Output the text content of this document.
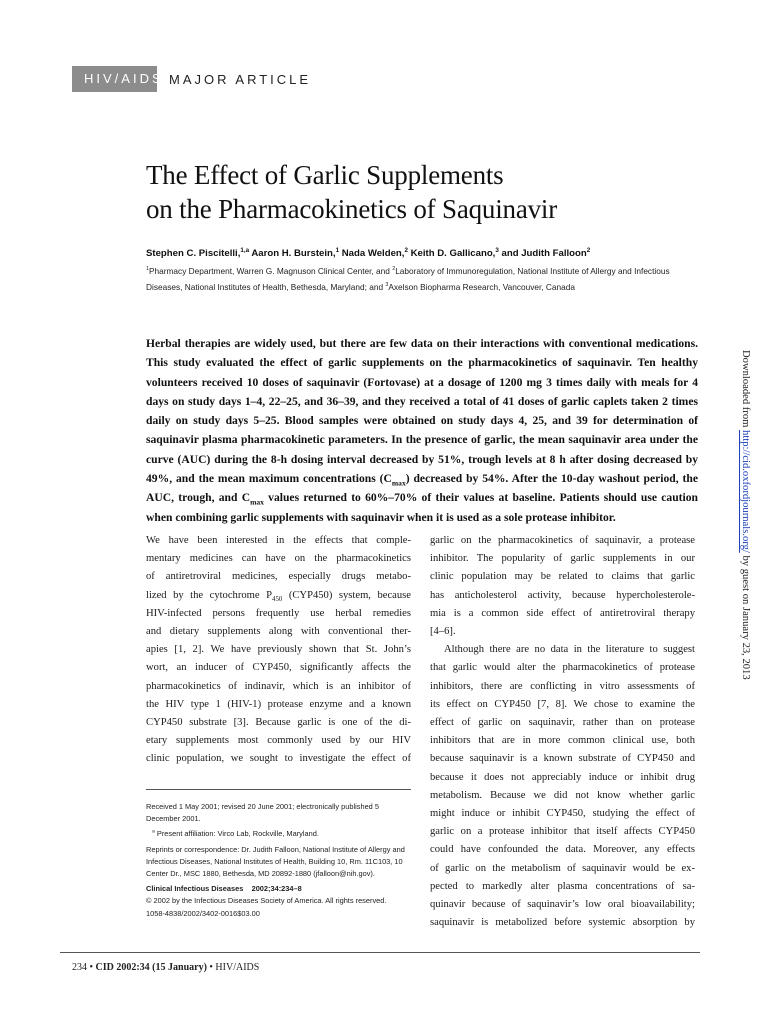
HIV/AIDS MAJOR ARTICLE
The Effect of Garlic Supplements
on the Pharmacokinetics of Saquinavir
Stephen C. Piscitelli,$^{1,a}$ Aaron H. Burstein,$^1$ Nada Welden,$^2$ Keith D. Gallicano,$^3$ and Judith Falloon$^2$
$^1$Pharmacy Department, Warren G. Magnuson Clinical Center, and $^2$Laboratory of Immunoregulation, National Institute of Allergy and Infectious
Diseases, National Institutes of Health, Bethesda, Maryland; and $^3$Axelson Biopharma Research, Vancouver, Canada
Herbal therapies are widely used, but there are few data on their interactions with conventional medications.
This study evaluated the effect of garlic supplements on the pharmacokinetics of saquinavir. Ten healthy
volunteers received 10 doses of saquinavir (Fortovase) at a dosage of 1200 mg 3 times daily with meals for 4
days on study days 1–4, 22–25, and 36–39, and they received a total of 41 doses of garlic caplets taken 2 times
daily on study days 5–25. Blood samples were obtained on study days 4, 25, and 39 for determination of
saquinavir plasma pharmacokinetic parameters. In the presence of garlic, the mean saquinavir area under the
curve (AUC) during the 8-h dosing interval decreased by 51%, trough levels at 8 h after dosing decreased by
49%, and the mean maximum concentrations $(C_{max})$ decreased by 54%. After the 10-day washout period, the
AUC, trough, and $C_{max}$ values returned to 60%–70% of their values at baseline. Patients should use caution
when combining garlic supplements with saquinavir when it is used as a sole protease inhibitor.
We have been interested in the effects that comple-
mentary medicines can have on the pharmacokinetics
of antiretroviral medicines, especially drugs metabo-
lized by the cytochrome $P_{450}$ (CYP450) system, because
HIV-infected persons frequently use herbal remedies
and dietary supplements along with conventional ther-
apies [1, 2]. We have previously shown that St. John’s
wort, an inducer of CYP450, significantly affects the
pharmacokinetics of indinavir, which is an inhibitor of
the HIV type 1 (HIV-1) protease enzyme and a known
CYP450 substrate [3]. Because garlic is one of the di-
etary supplements most commonly used by our HIV
clinic population, we sought to investigate the effect of

Received 1 May 2001; revised 20 June 2001; electronically published 5
December 2001.

$^a$ Present affiliation: Virco Lab, Rockville, Maryland.

Reprints or correspondence: Dr. Judith Falloon, National Institute of Allergy and
Infectious Diseases, National Institutes of Health, Building 10, Rm. 11C103, 10
Center Dr., MSC 1880, Bethesda, MD 20892-1880 (jfalloon@nih.gov).

Clinical Infectious Diseases 2002;34:234–8
© 2002 by the Infectious Diseases Society of America. All rights reserved.
1058-4838/2002/3402-0016$03.00
garlic on the pharmacokinetics of saquinavir, a protease
inhibitor. The popularity of garlic supplements in our
clinic population may be related to claims that garlic
has anticholesterol activity, because hypercholesterole-
mia is a common side effect of antiretroviral therapy
[4–6].
Although there are no data in the literature to suggest
that garlic would alter the pharmacokinetics of protease
inhibitors, there are conflicting in vitro assessments of
its effect on CYP450 [7, 8]. We chose to examine the
effect of garlic on saquinavir, rather than on protease
inhibitors that are in more common clinical use, both
because saquinavir is a known substrate of CYP450 and
because it does not appreciably induce or inhibit drug
metabolism. Because we did not know whether garlic
might induce or inhibit CYP450, studying the effect of
garlic on a protease inhibitor that itself affects CYP450
could have confounded the data. Moreover, any effects
of garlic on the metabolism of saquinavir would be ex-
pected to markedly alter plasma concentrations of sa-
quinavir because of saquinavir’s low oral bioavailability;
saquinavir is metabolized before systemic absorption by
Downloaded from http://cid.oxfordjournals.org/ by guest on January 23, 2013
234 • CID 2002:34 (15 January) • HIV/AIDS
